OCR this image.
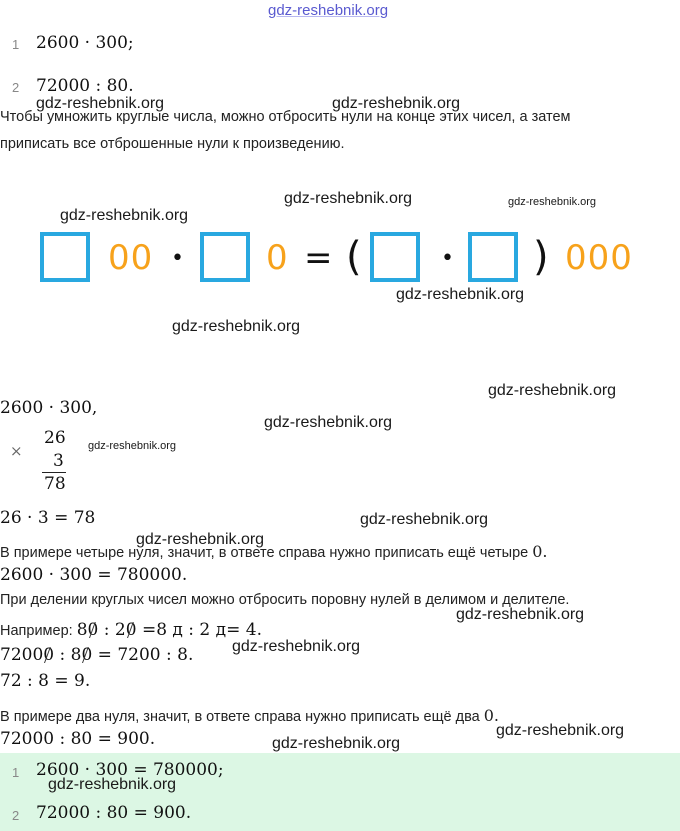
gdz-reshebnik.org
1 2600 · 300;
2 72000 : 80.
gdz-reshebnik.org	gdz-reshebnik.org
Чтобы умножить круглые числа, можно отбросить нули на конце этих чисел, а затем
приписать все отброшенные нули к произведению.
gdz-reshebnik.org	gdz-reshebnik.org
gdz-reshebnik.org
00 • 0 = (	• ) 000
gdz-reshebnik.org
gdz-reshebnik.org
gdz-reshebnik.org
2600 · 300,
gdz-reshebnik.org
×
26
3
78
gdz-reshebnik.org
26 · 3 = 78	gdz-reshebnik.org
gdz-reshebnik.org
В примере четыре нуля, значит, в ответе справа нужно приписать ещё четыре 0.
2600 · 300 = 780000.
При делении круглых чисел можно отбросить поровну нулей в делимом и делителе.
gdz-reshebnik.org
Например: 80 : 20 =8 д : 2 д= 4.
gdz-reshebnik.org
72000 : 80 = 7200 : 8.
72 : 8 = 9.
В примере два нуля, значит, в ответе справа нужно приписать ещё два 0.
gdz-reshebnik.org
72000 : 80 = 900.	gdz-reshebnik.org
1 2600 · 300 = 780000;
gdz-reshebnik.org
2 72000 : 80 = 900.
